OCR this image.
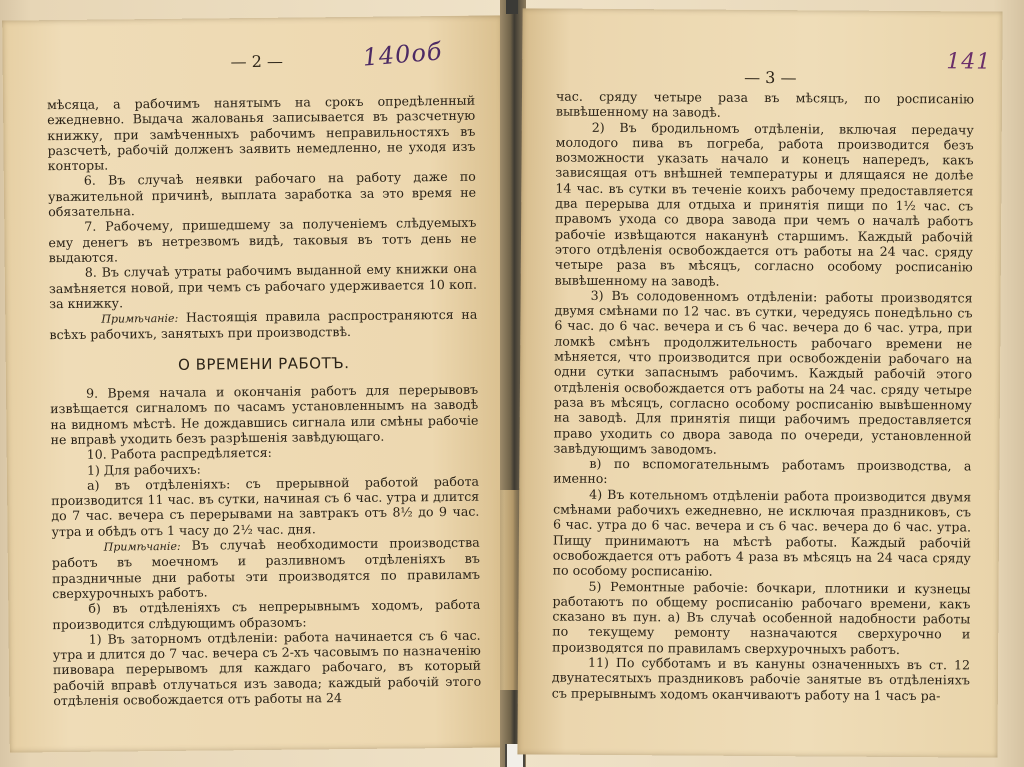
— 2 —	140об

мѣсяца, а рабочимъ нанятымъ на срокъ опредѣленный ежедневно. Выдача жалованья записывается въ разсчетную книжку, при замѣченныхъ рабочимъ неправильностяхъ въ разсчетѣ, рабочій долженъ заявить немедленно, не уходя изъ конторы.

6. Въ случаѣ неявки рабочаго на работу даже по уважительной причинѣ, выплата заработка за это время не обязательна.

7. Рабочему, пришедшему за полученіемъ слѣдуемыхъ ему денегъ въ нетрезвомъ видѣ, таковыя въ тотъ день не выдаются.

8. Въ случаѣ утраты рабочимъ выданной ему книжки она замѣняется новой, при чемъ съ рабочаго удерживается 10 коп. за книжку.

Примѣчаніе: Настоящія правила распространяются на всѣхъ рабочихъ, занятыхъ при производствѣ.

О ВРЕМЕНИ РАБОТЪ.

9. Время начала и окончанія работъ для перерывовъ извѣщается сигналомъ по часамъ установленнымъ на заводѣ на видномъ мѣстѣ. Не дождавшись сигнала или смѣны рабочіе не вправѣ уходить безъ разрѣшенія завѣдующаго.

10. Работа распредѣляется:

1) Для рабочихъ:

а) въ отдѣленіяхъ: съ прерывной работой работа производится 11 час. въ сутки, начиная съ 6 час. утра и длится до 7 час. вечера съ перерывами на завтракъ отъ 8½ до 9 час. утра и обѣдъ отъ 1 часу до 2½ час. дня.

Примѣчаніе: Въ случаѣ необходимости производства работъ въ моечномъ и разливномъ отдѣленіяхъ въ праздничные дни работы эти производятся по правиламъ сверхурочныхъ работъ.

б) въ отдѣленіяхъ съ непрерывнымъ ходомъ, работа производится слѣдующимъ образомъ:

1) Въ заторномъ отдѣленіи: работа начинается съ 6 час. утра и длится до 7 час. вечера съ 2-хъ часовымъ по назначенію пивовара перерывомъ для каждаго рабочаго, въ который рабочій вправѣ отлучаться изъ завода; каждый рабочій этого отдѣленія освобождается отъ работы на 24

— 3 —
141

час. сряду четыре раза въ мѣсяцъ, по росписанію вывѣшенному на заводѣ.

2) Въ бродильномъ отдѣленіи, включая передачу молодого пива въ погреба, работа производится безъ возможности указать начало и конецъ напередъ, какъ зависящая отъ внѣшней температуры и длящаяся не долѣе 14 час. въ сутки въ теченіе коихъ рабочему предоставляется два перерыва для отдыха и принятія пищи по 1½ час. съ правомъ ухода со двора завода при чемъ о началѣ работъ рабочіе извѣщаются наканунѣ старшимъ. Каждый рабочій этого отдѣленія освобождается отъ работы на 24 час. сряду четыре раза въ мѣсяцъ, согласно особому росписанію вывѣшенному на заводѣ.

3) Въ солодовенномъ отдѣленіи: работы производятся двумя смѣнами по 12 час. въ сутки, чередуясь понедѣльно съ 6 час. до 6 час. вечера и съ 6 час. вечера до 6 час. утра, при ломкѣ смѣнъ продолжительность рабочаго времени не мѣняется, что производится при освобожденіи рабочаго на одни сутки запаснымъ рабочимъ. Каждый рабочій этого отдѣленія освобождается отъ работы на 24 час. сряду четыре раза въ мѣсяцъ, согласно особому росписанію вывѣшенному на заводѣ. Для принятія пищи рабочимъ предоставляется право уходить со двора завода по очереди, установленной завѣдующимъ заводомъ.

в) по вспомогательнымъ работамъ производства, а именно:

4) Въ котельномъ отдѣленіи работа производится двумя смѣнами рабочихъ ежедневно, не исключая праздниковъ, съ 6 час. утра до 6 час. вечера и съ 6 час. вечера до 6 час. утра. Пищу принимаютъ на мѣстѣ работы. Каждый рабочій освобождается отъ работъ 4 раза въ мѣсяцъ на 24 часа сряду по особому росписанію.

5) Ремонтные рабочіе: бочкари, плотники и кузнецы работаютъ по общему росписанію рабочаго времени, какъ сказано въ пун. а) Въ случаѣ особенной надобности работы по текущему ремонту назначаются сверхурочно и производятся по правиламъ сверхурочныхъ работъ.

11) По субботамъ и въ кануны означенныхъ въ ст. 12 двунатесятыхъ праздниковъ рабочіе занятые въ отдѣленіяхъ съ прерывнымъ ходомъ оканчиваютъ работу на 1 часъ ра-
